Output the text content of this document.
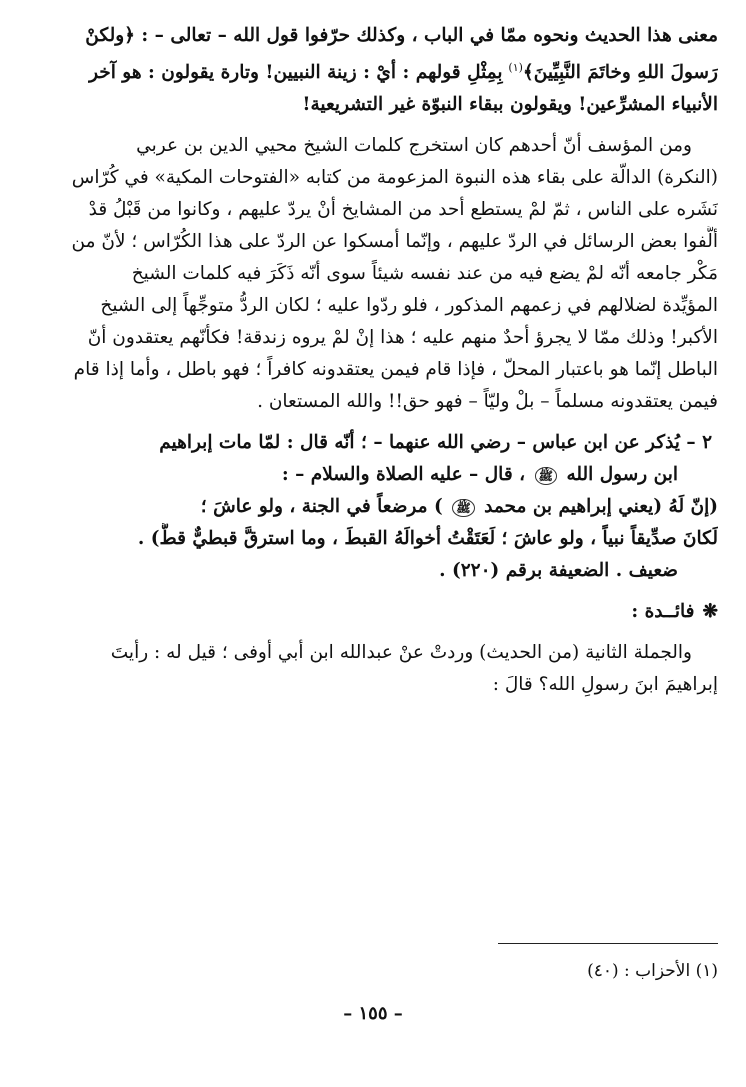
معنى هذا الحديث ونحوه ممّا في الباب ، وكذلك حرّفوا قول الله – تعالى – : ﴿ولكنْ
رَسولَ اللهِ وخاتَمَ النَّبِيِّينَ﴾$^{(١)}$ بِمِثْلِ قولهم : أيْ : زينة النبيين! وتارة يقولون : هو آخر
الأنبياء المشرِّعين! ويقولون ببقاء النبوّة غير التشريعية!
ومن المؤسف أنّ أحدهم كان استخرج كلمات الشيخ محيي الدين بن عربي
(النكرة) الدالّة على بقاء هذه النبوة المزعومة من كتابه «الفتوحات المكية» في كُرّاس
نَشَره على الناس ، ثمّ لمْ يستطع أحد من المشايخ أنْ يردّ عليهم ، وكانوا من قَبْلُ قدْ
ألَّفوا بعض الرسائل في الردّ عليهم ، وإنّما أمسكوا عن الردّ على هذا الكُرّاس ؛ لأنّ من
مَكْر جامعه أنّه لمْ يضع فيه من عند نفسه شيئاً سوى أنّه ذَكَرَ فيه كلمات الشيخ
المؤيِّدة لضلالهم في زعمهم المذكور ، فلو ردّوا عليه ؛ لكان الردُّ متوجِّهاً إلى الشيخ
الأكبر! وذلك ممّا لا يجرؤ أحدٌ منهم عليه ؛ هذا إنْ لمْ يروه زندقة! فكأنّهم يعتقدون أنّ
الباطل إنّما هو باعتبار المحلّ ، فإذا قام فيمن يعتقدونه كافراً ؛ فهو باطل ، وأما إذا قام
فيمن يعتقدونه مسلماً – بلْ وليّاً – فهو حق!! والله المستعان .
٢ – يُذكر عن ابن عباس – رضي الله عنهما – ؛ أنّه قال : لمّا مات إبراهيم
ابن رسول الله ﷺ ، قال – عليه الصلاة والسلام – :
(إنّ لَهُ (يعني إبراهيم بن محمد ﷺ ) مرضعاً في الجنة ، ولو عاشَ ؛
لَكانَ صدِّيقاً نبياً ، ولو عاشَ ؛ لَعَتَقْتُ أخوالَهُ القبطَ ، وما استرقَّ قبطيٌّ قطُّ) .
ضعيف . الضعيفة برقم (٢٢٠) .
❋فائــدة :
والجملة الثانية (من الحديث) وردتْ عنْ عبدالله ابن أبي أوفى ؛ قيل له : رأيتَ
إبراهيمَ ابنَ رسولِ الله؟ قالَ :
(١) الأحزاب : (٤٠)
– ١٥٥ –
